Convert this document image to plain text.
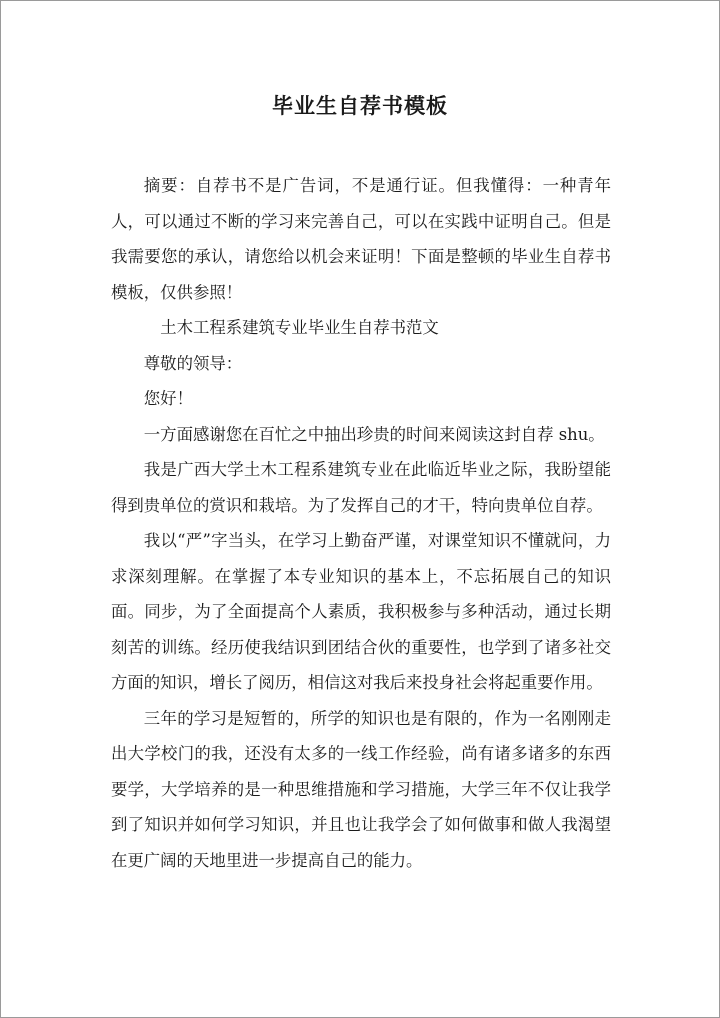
毕业生自荐书模板

摘要：自荐书不是广告词，不是通行证。但我懂得：一种青年人，可以通过不断的学习来完善自己，可以在实践中证明自己。但是我需要您的承认，请您给以机会来证明！下面是整顿的毕业生自荐书模板，仅供参照！

土木工程系建筑专业毕业生自荐书范文

尊敬的领导：

您好！

一方面感谢您在百忙之中抽出珍贵的时间来阅读这封自荐 shu。

我是广西大学土木工程系建筑专业在此临近毕业之际，我盼望能得到贵单位的赏识和栽培。为了发挥自己的才干，特向贵单位自荐。

我以“严”字当头，在学习上勤奋严谨，对课堂知识不懂就问，力求深刻理解。在掌握了本专业知识的基本上，不忘拓展自己的知识面。同步，为了全面提高个人素质，我积极参与多种活动，通过长期刻苦的训练。经历使我结识到团结合伙的重要性，也学到了诸多社交方面的知识，增长了阅历，相信这对我后来投身社会将起重要作用。

三年的学习是短暂的，所学的知识也是有限的，作为一名刚刚走出大学校门的我，还没有太多的一线工作经验，尚有诸多诸多的东西要学，大学培养的是一种思维措施和学习措施，大学三年不仅让我学到了知识并如何学习知识，并且也让我学会了如何做事和做人我渴望在更广阔的天地里进一步提高自己的能力。
